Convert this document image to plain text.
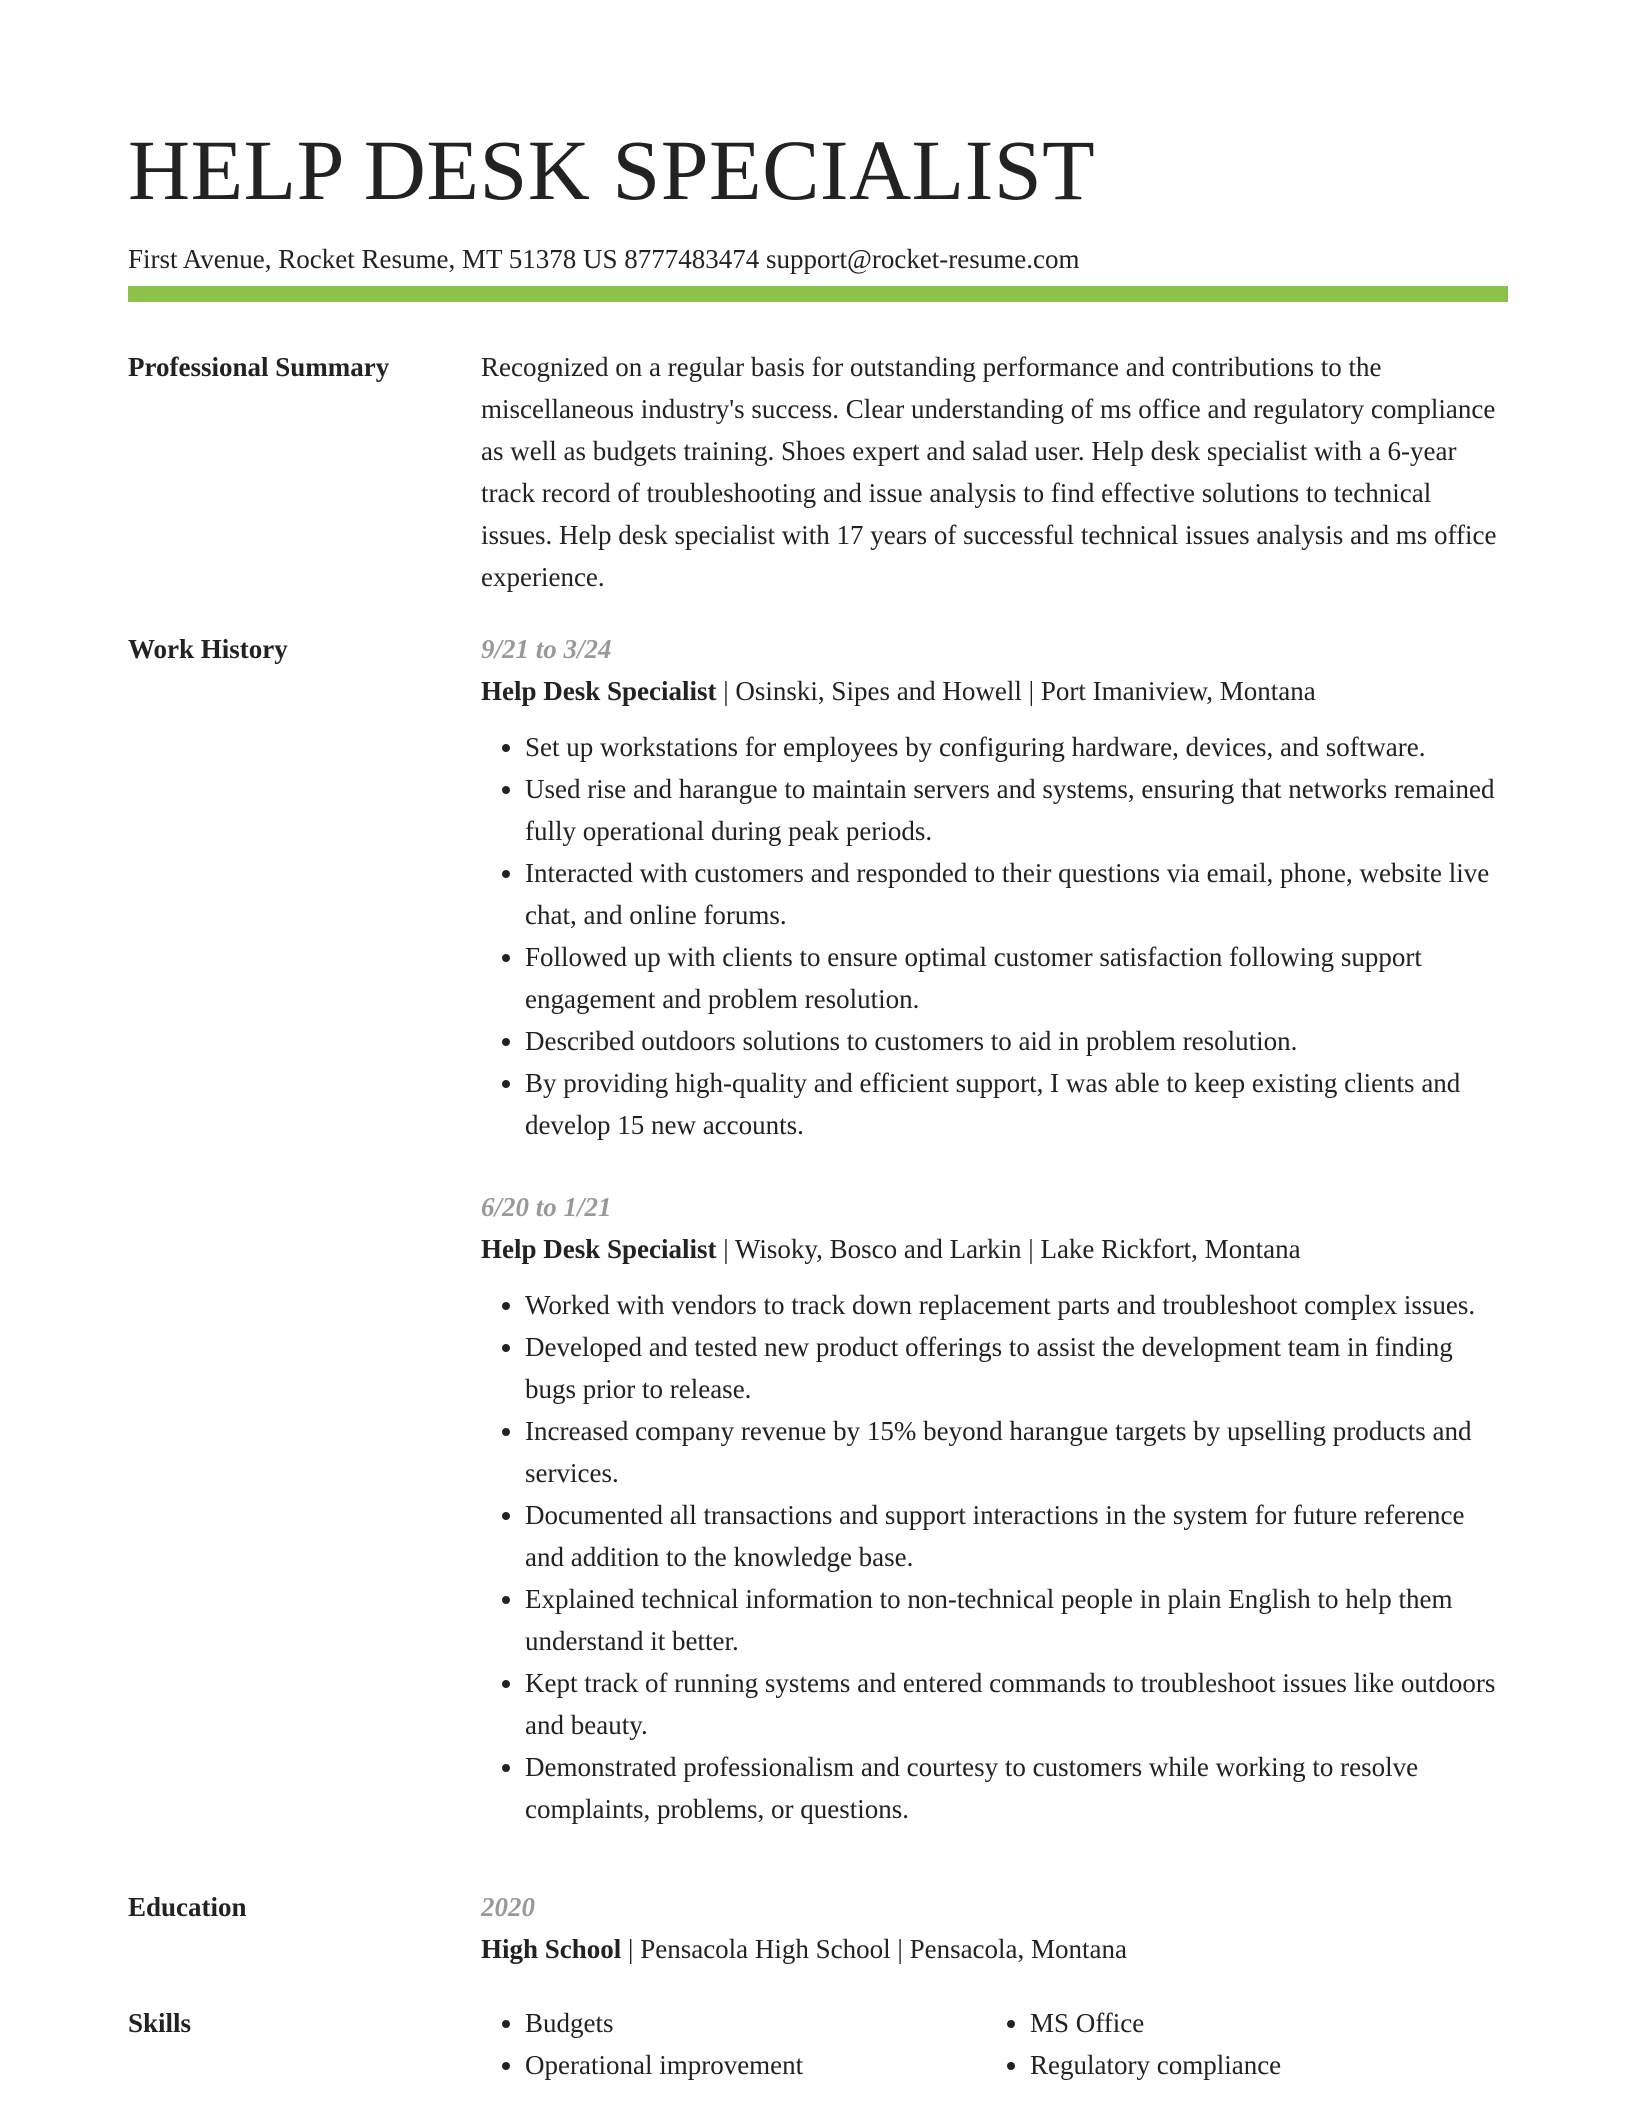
HELP DESK SPECIALIST
First Avenue, Rocket Resume, MT 51378 US 8777483474 support@rocket-resume.com
Professional Summary	Recognized on a regular basis for outstanding performance and contributions to the miscellaneous industry's success. Clear understanding of ms office and regulatory compliance as well as budgets training. Shoes expert and salad user. Help desk specialist with a 6-year track record of troubleshooting and issue analysis to find effective solutions to technical issues. Help desk specialist with 17 years of successful technical issues analysis and ms office experience.
Work History	9/21 to 3/24
Help Desk Specialist | Osinski, Sipes and Howell | Port Imaniview, Montana
• Set up workstations for employees by configuring hardware, devices, and software.
• Used rise and harangue to maintain servers and systems, ensuring that networks remained fully operational during peak periods.
• Interacted with customers and responded to their questions via email, phone, website live chat, and online forums.
• Followed up with clients to ensure optimal customer satisfaction following support engagement and problem resolution.
• Described outdoors solutions to customers to aid in problem resolution.
• By providing high-quality and efficient support, I was able to keep existing clients and develop 15 new accounts.
6/20 to 1/21
Help Desk Specialist | Wisoky, Bosco and Larkin | Lake Rickfort, Montana
• Worked with vendors to track down replacement parts and troubleshoot complex issues.
• Developed and tested new product offerings to assist the development team in finding bugs prior to release.
• Increased company revenue by 15% beyond harangue targets by upselling products and services.
• Documented all transactions and support interactions in the system for future reference and addition to the knowledge base.
• Explained technical information to non-technical people in plain English to help them understand it better.
• Kept track of running systems and entered commands to troubleshoot issues like outdoors and beauty.
• Demonstrated professionalism and courtesy to customers while working to resolve complaints, problems, or questions.
Education	2020
High School | Pensacola High School | Pensacola, Montana
Skills
•	Budgets
• Operational improvement
• MS Office
• Regulatory compliance
